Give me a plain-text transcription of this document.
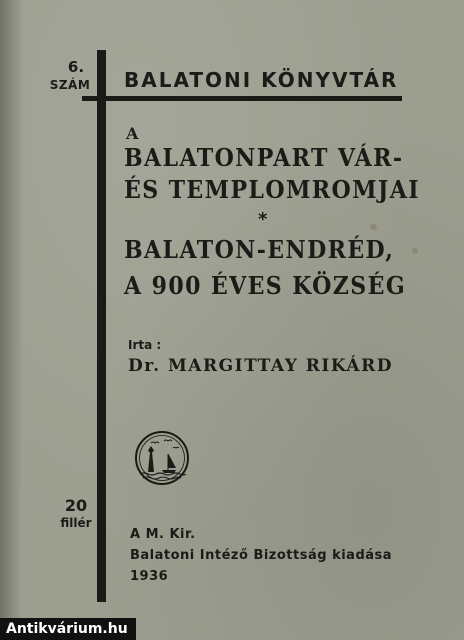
6.
SZÁM BALATONI KÖNYVTÁR
A
BALATONPART VÁR-
ÉS TEMPLOMROMJAI
*
BALATON-ENDRÉD,
A 900 ÉVES KÖZSÉG
Irta :
Dr. MARGITTAY RIKÁRD
20
fillér
A M. Kir.
Balatoni Intéző Bizottság kiadása
1936
Antikvárium.hu
